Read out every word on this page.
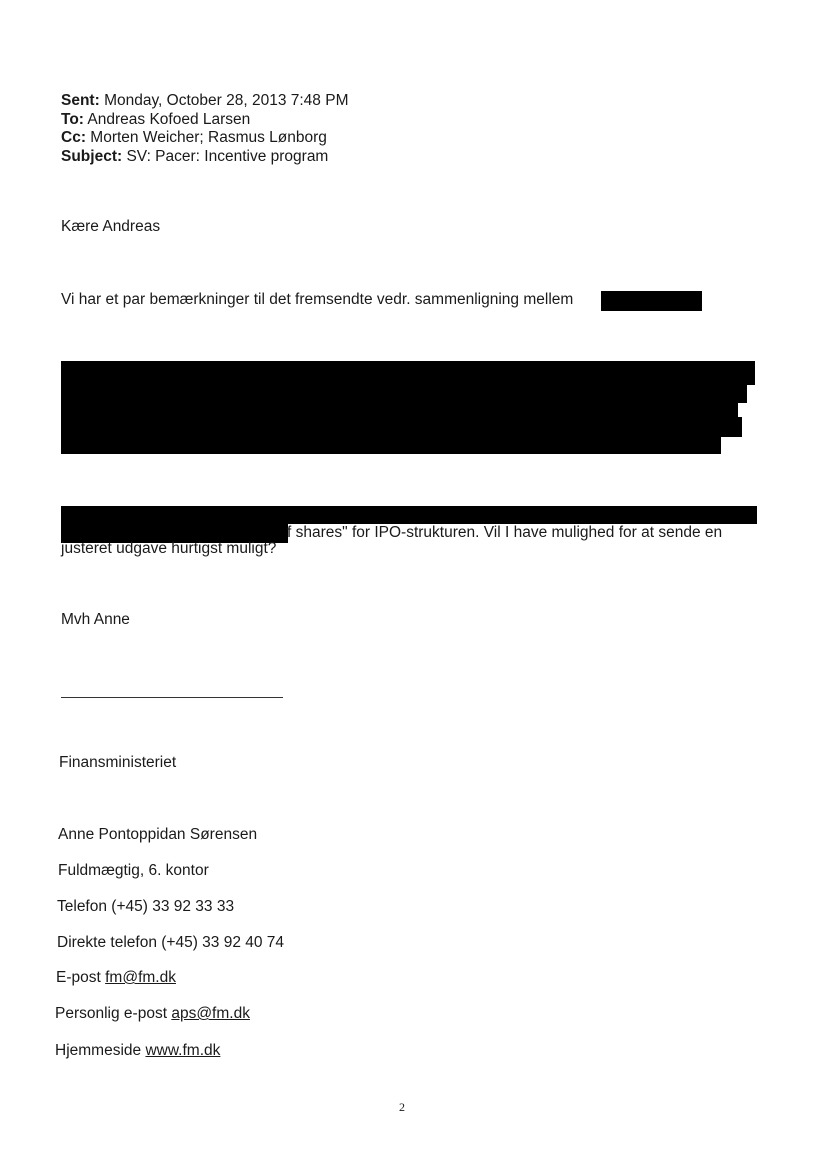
Sent: Monday, October 28, 2013 7:48 PM
To: Andreas Kofoed Larsen
Cc: Morten Weicher; Rasmus Lønborg
Subject: SV: Pacer: Incentive program
Kære Andreas
Vi har et par bemærkninger til det fremsendte vedr. sammenligning mellem
f shares" for IPO-strukturen. Vil I have mulighed for at sende en
justeret udgave hurtigst muligt?
Mvh Anne
Finansministeriet
Anne Pontoppidan Sørensen
Fuldmægtig, 6. kontor
Telefon (+45) 33 92 33 33
Direkte telefon (+45) 33 92 40 74
E-post fm@fm.dk
Personlig e-post aps@fm.dk
Hjemmeside www.fm.dk
2
